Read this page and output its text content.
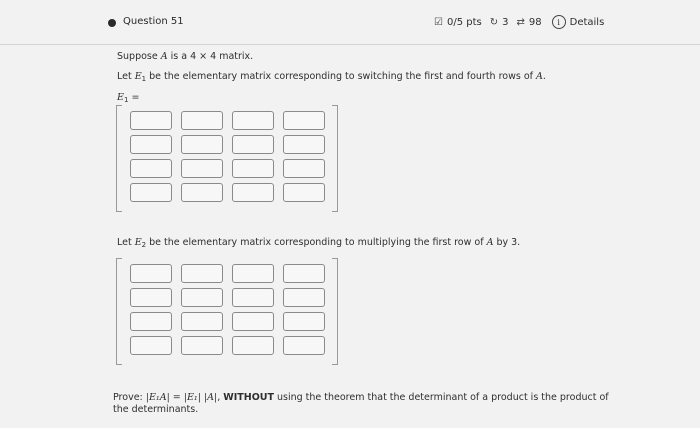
Question 51	☑ 0/5 pts ↻ 3 ⇄ 98	i Details
Suppose A is a 4 × 4 matrix.
Let $E_1$ be the elementary matrix corresponding to switching the first and fourth rows of A.
$E_1$ =
Let $E_2$ be the elementary matrix corresponding to multiplying the first row of A by 3.
Prove: |E₁A| = |E₁| |A|, WITHOUT using the theorem that the determinant of a product is the product of the determinants.
